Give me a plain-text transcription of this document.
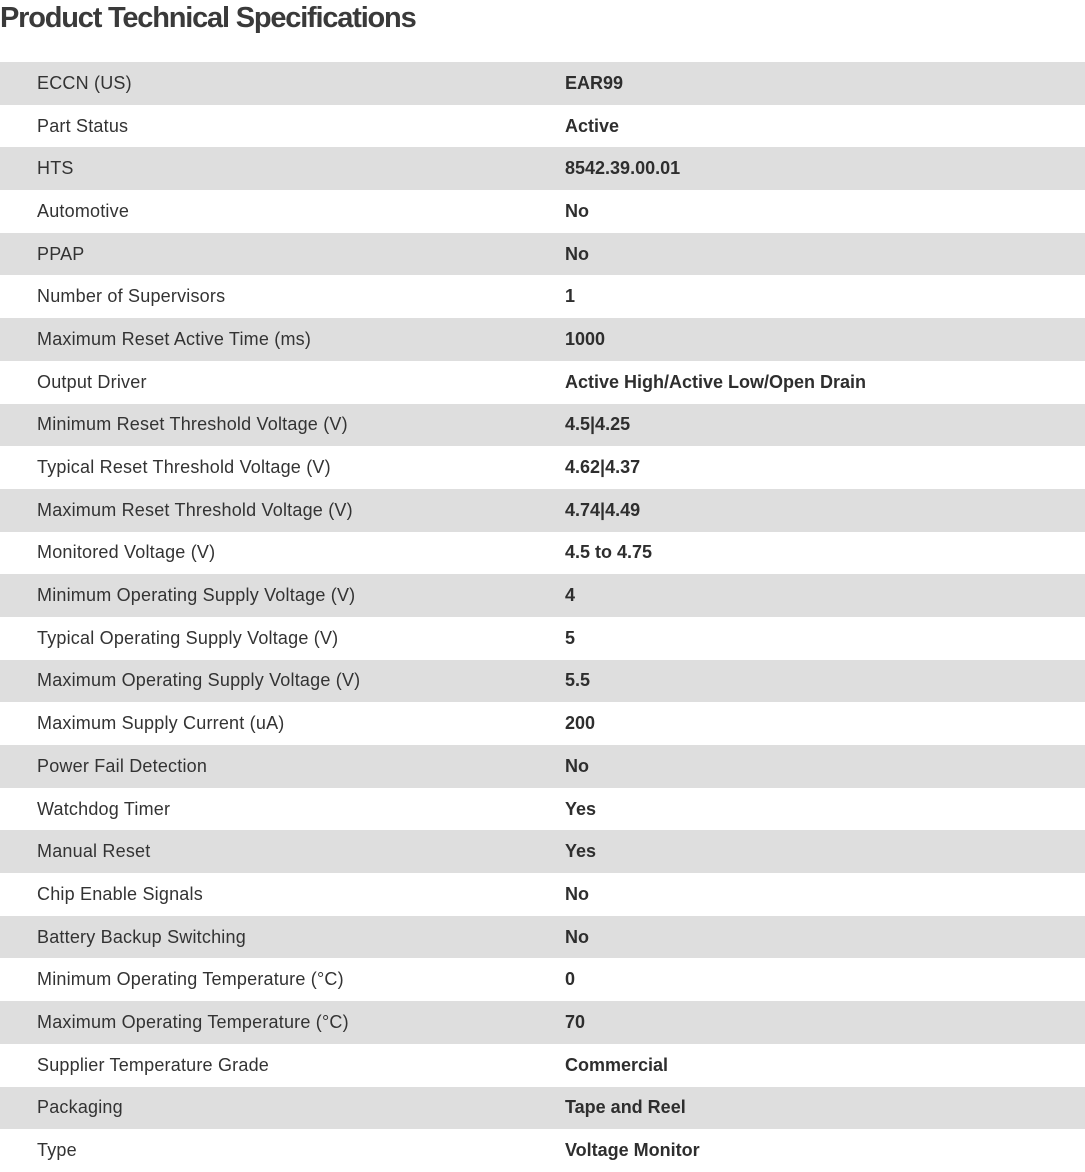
Product Technical Specifications
ECCN (US)	EAR99
Part Status	Active
HTS	8542.39.00.01
Automotive	No
PPAP	No
Number of Supervisors	1
Maximum Reset Active Time (ms)	1000
Output Driver	Active High/Active Low/Open Drain
Minimum Reset Threshold Voltage (V)	4.5|4.25
Typical Reset Threshold Voltage (V)	4.62|4.37
Maximum Reset Threshold Voltage (V)	4.74|4.49
Monitored Voltage (V)	4.5 to 4.75
Minimum Operating Supply Voltage (V)	4
Typical Operating Supply Voltage (V)	5
Maximum Operating Supply Voltage (V)	5.5
Maximum Supply Current (uA)	200
Power Fail Detection	No
Watchdog Timer	Yes
Manual Reset	Yes
Chip Enable Signals	No
Battery Backup Switching	No
Minimum Operating Temperature (°C)	0
Maximum Operating Temperature (°C)	70
Supplier Temperature Grade	Commercial
Packaging	Tape and Reel
Type	Voltage Monitor
